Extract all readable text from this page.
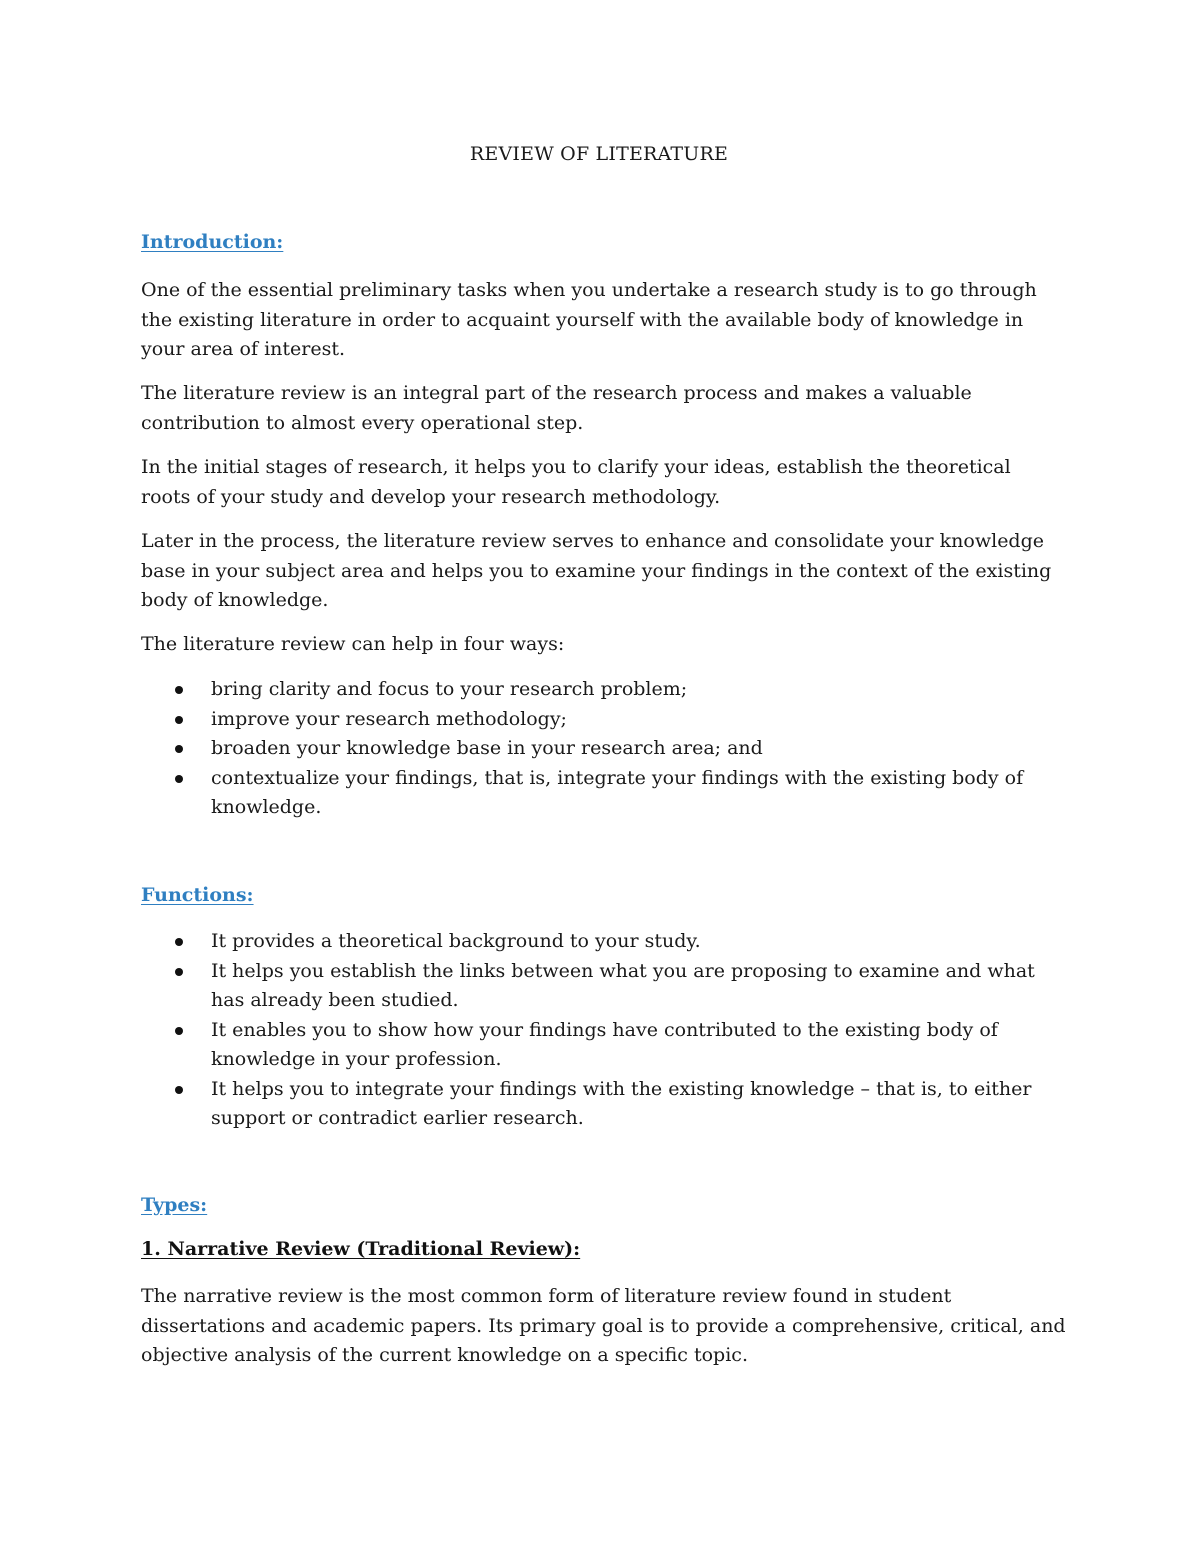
REVIEW OF LITERATURE
Introduction:

One of the essential preliminary tasks when you undertake a research study is to go through the existing literature in order to acquaint yourself with the available body of knowledge in your area of interest.

The literature review is an integral part of the research process and makes a valuable contribution to almost every operational step.

In the initial stages of research, it helps you to clarify your ideas, establish the theoretical roots of your study and develop your research methodology.

Later in the process, the literature review serves to enhance and consolidate your knowledge base in your subject area and helps you to examine your findings in the context of the existing body of knowledge.

The literature review can help in four ways:

bring clarity and focus to your research problem;
improve your research methodology;
broaden your knowledge base in your research area; and
contextualize your findings, that is, integrate your findings with the existing body of knowledge.
Functions:
It provides a theoretical background to your study.
It helps you establish the links between what you are proposing to examine and what has already been studied.
It enables you to show how your findings have contributed to the existing body of knowledge in your profession.
It helps you to integrate your findings with the existing knowledge – that is, to either support or contradict earlier research.
Types:
1. Narrative Review (Traditional Review):

The narrative review is the most common form of literature review found in student dissertations and academic papers. Its primary goal is to provide a comprehensive, critical, and objective analysis of the current knowledge on a specific topic.
